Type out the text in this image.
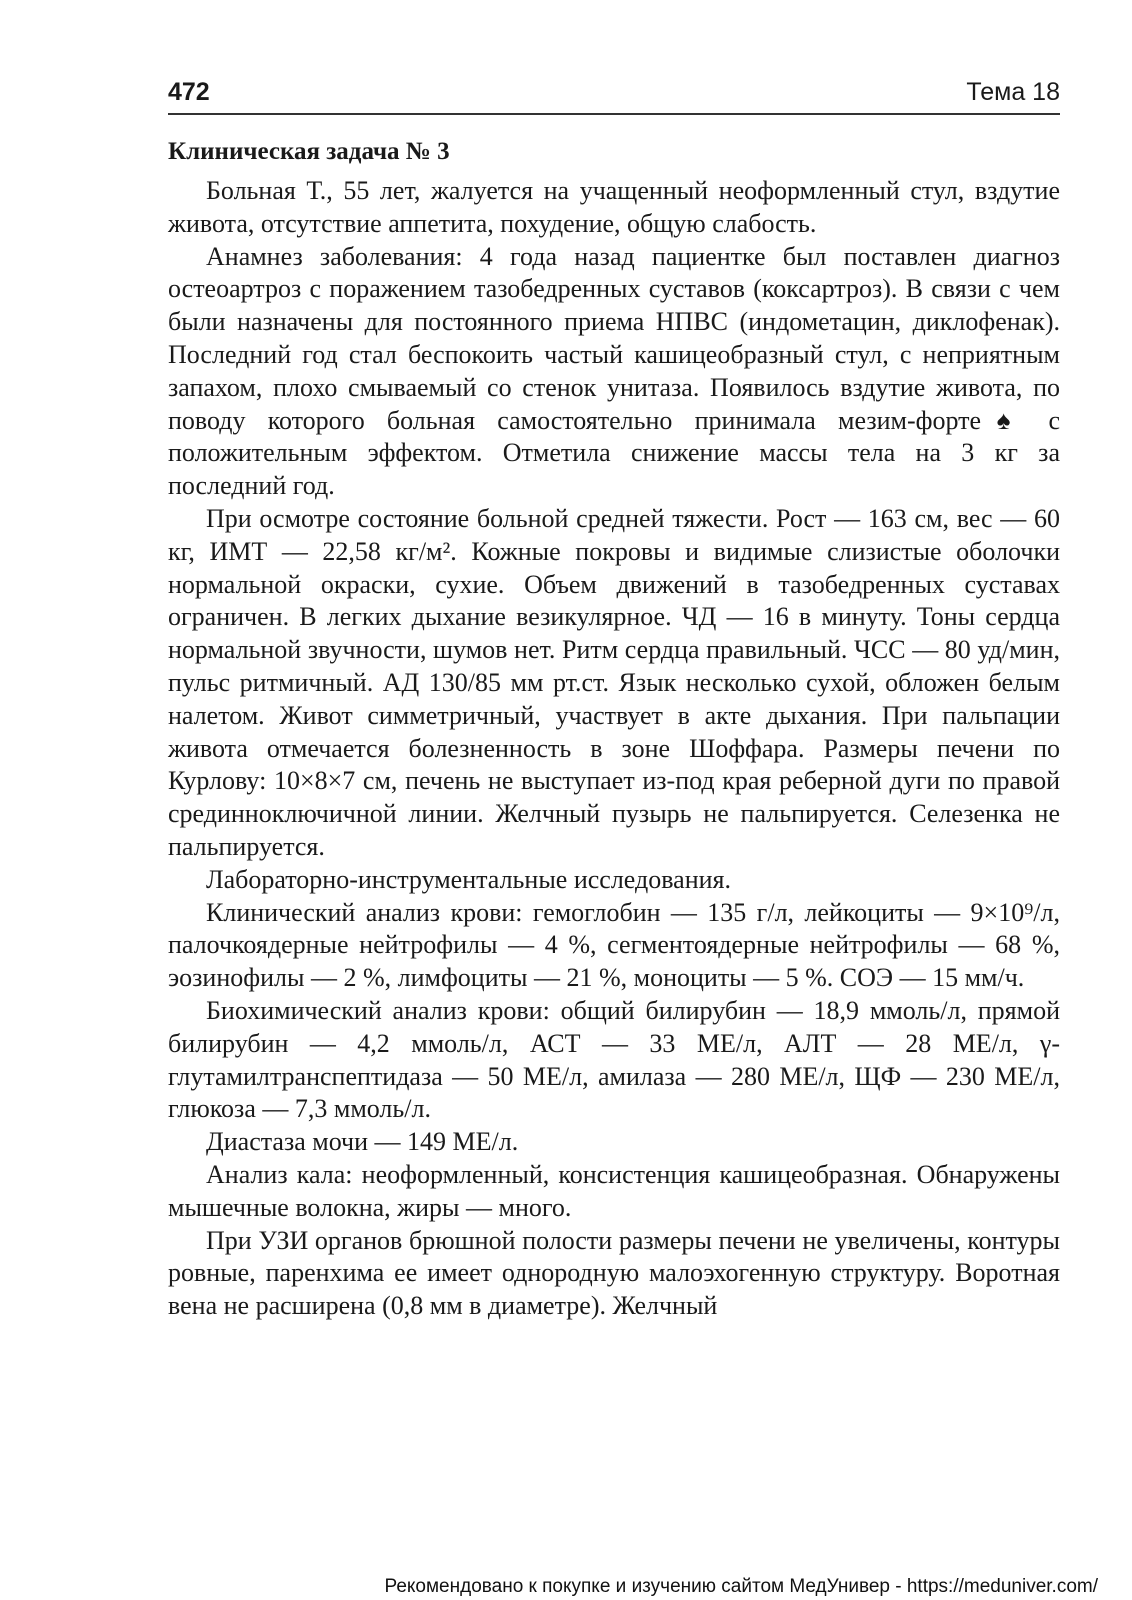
472	Тема 18
Клиническая задача № 3

Больная Т., 55 лет, жалуется на учащенный неоформленный стул, вздутие живота, отсутствие аппетита, похудение, общую слабость.

Анамнез заболевания: 4 года назад пациентке был поставлен диагноз остеоартроз с поражением тазобедренных суставов (коксартроз). В связи с чем были назначены для постоянного приема НПВС (индометацин, диклофенак). Последний год стал беспокоить частый кашицеобразный стул, с неприятным запахом, плохо смываемый со стенок унитаза. Появилось вздутие живота, по поводу которого больная самостоятельно принимала мезим-форте♠ с положительным эффектом. Отметила снижение массы тела на 3 кг за последний год.

При осмотре состояние больной средней тяжести. Рост — 163 см, вес — 60 кг, ИМТ — 22,58 кг/м². Кожные покровы и видимые слизистые оболочки нормальной окраски, сухие. Объем движений в тазобедренных суставах ограничен. В легких дыхание везикулярное. ЧД — 16 в минуту. Тоны сердца нормальной звучности, шумов нет. Ритм сердца правильный. ЧСС — 80 уд/мин, пульс ритмичный. АД 130/85 мм рт.ст. Язык несколько сухой, обложен белым налетом. Живот симметричный, участвует в акте дыхания. При пальпации живота отмечается болезненность в зоне Шоффара. Размеры печени по Курлову: 10×8×7 см, печень не выступает из-под края реберной дуги по правой срединноключичной линии. Желчный пузырь не пальпируется. Селезенка не пальпируется.

Лабораторно-инструментальные исследования.

Клинический анализ крови: гемоглобин — 135 г/л, лейкоциты — 9×10⁹/л, палочкоядерные нейтрофилы — 4 %, сегментоядерные нейтрофилы — 68 %, эозинофилы — 2 %, лимфоциты — 21 %, моноциты — 5 %. СОЭ — 15 мм/ч.

Биохимический анализ крови: общий билирубин — 18,9 ммоль/л, прямой билирубин — 4,2 ммоль/л, АСТ — 33 МЕ/л, АЛТ — 28 МЕ/л, γ-глутамилтранспептидаза — 50 МЕ/л, амилаза — 280 МЕ/л, ЩФ — 230 МЕ/л, глюкоза — 7,3 ммоль/л.

Диастаза мочи — 149 МЕ/л.

Анализ кала: неоформленный, консистенция кашицеобразная. Обнаружены мышечные волокна, жиры — много.

При УЗИ органов брюшной полости размеры печени не увеличены, контуры ровные, паренхима ее имеет однородную малоэхогенную структуру. Воротная вена не расширена (0,8 мм в диаметре). Желчный

Рекомендовано к покупке и изучению сайтом МедУнивер - https://meduniver.com/
